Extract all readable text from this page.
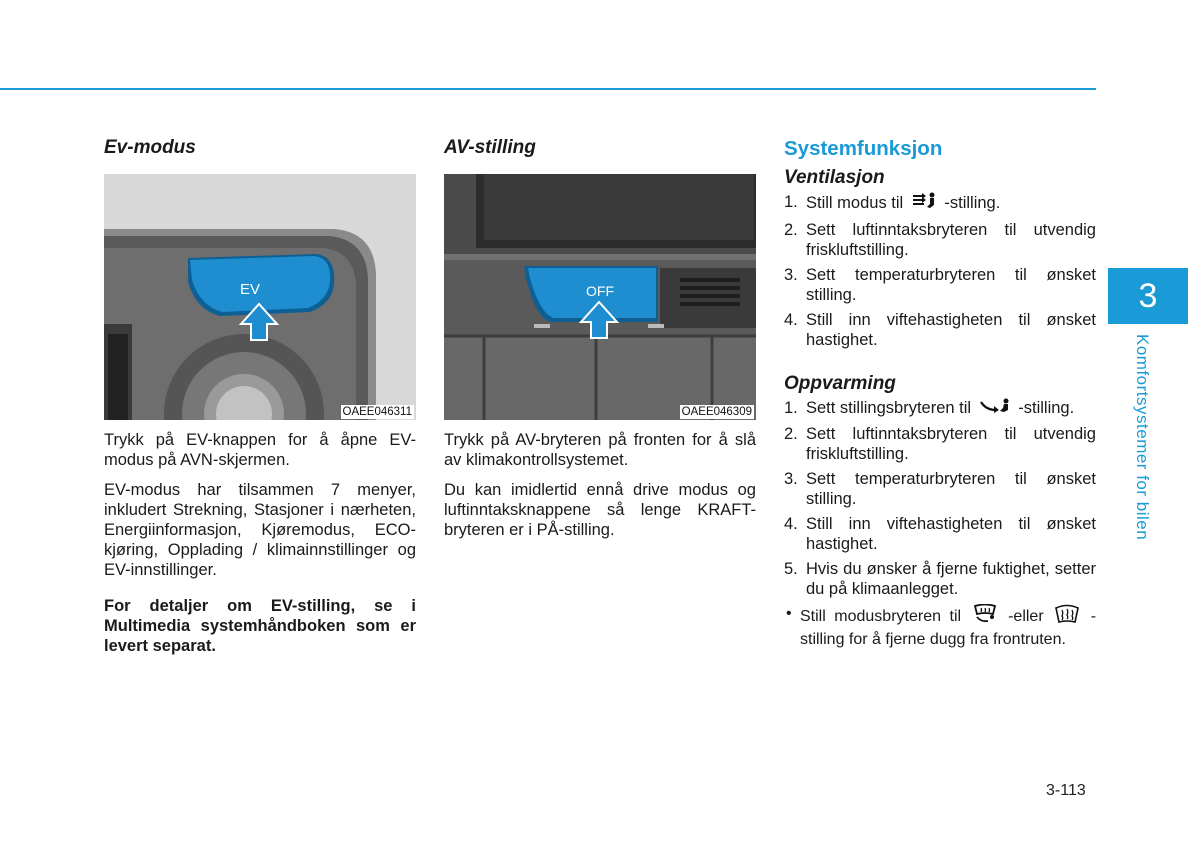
Ev-modus
EV
OAEE046311

Trykk på EV-knappen for å åpne EV-modus på AVN-skjermen.

EV-modus har tilsammen 7 menyer, inkludert Strekning, Stasjoner i nærheten, Energiinformasjon, Kjøremodus, ECO-kjøring, Opplading / klimainnstillinger og EV-innstillinger.

For detaljer om EV-stilling, se i Multimedia systemhåndboken som er levert separat.

AV-stilling
OFF
OAEE046309

Trykk på AV-bryteren på fronten for å slå av klimakontrollsystemet.

Du kan imidlertid ennå drive modus og luftinntaksknappene så lenge KRAFT-bryteren er i PÅ-stilling.

Systemfunksjon
Ventilasjon
1. Still modus til -stilling.
2. Sett luftinntaksbryteren til utvendig friskluftstilling.
3. Sett temperaturbryteren til ønsket stilling.
4. Still inn viftehastigheten til ønsket hastighet.
Oppvarming
1. Sett stillingsbryteren til	-stilling.
2. Sett luftinntaksbryteren til utvendig friskluftstilling.
3. Sett temperaturbryteren til ønsket stilling.
4. Still inn viftehastigheten til ønsket hastighet.
5. Hvis du ønsker å fjerne fuktighet, setter du på klimaanlegget.
• Still modusbryteren til	-eller	-stilling for å fjerne dugg fra frontruten.
3
Komfortsystemer for bilen
3-113
